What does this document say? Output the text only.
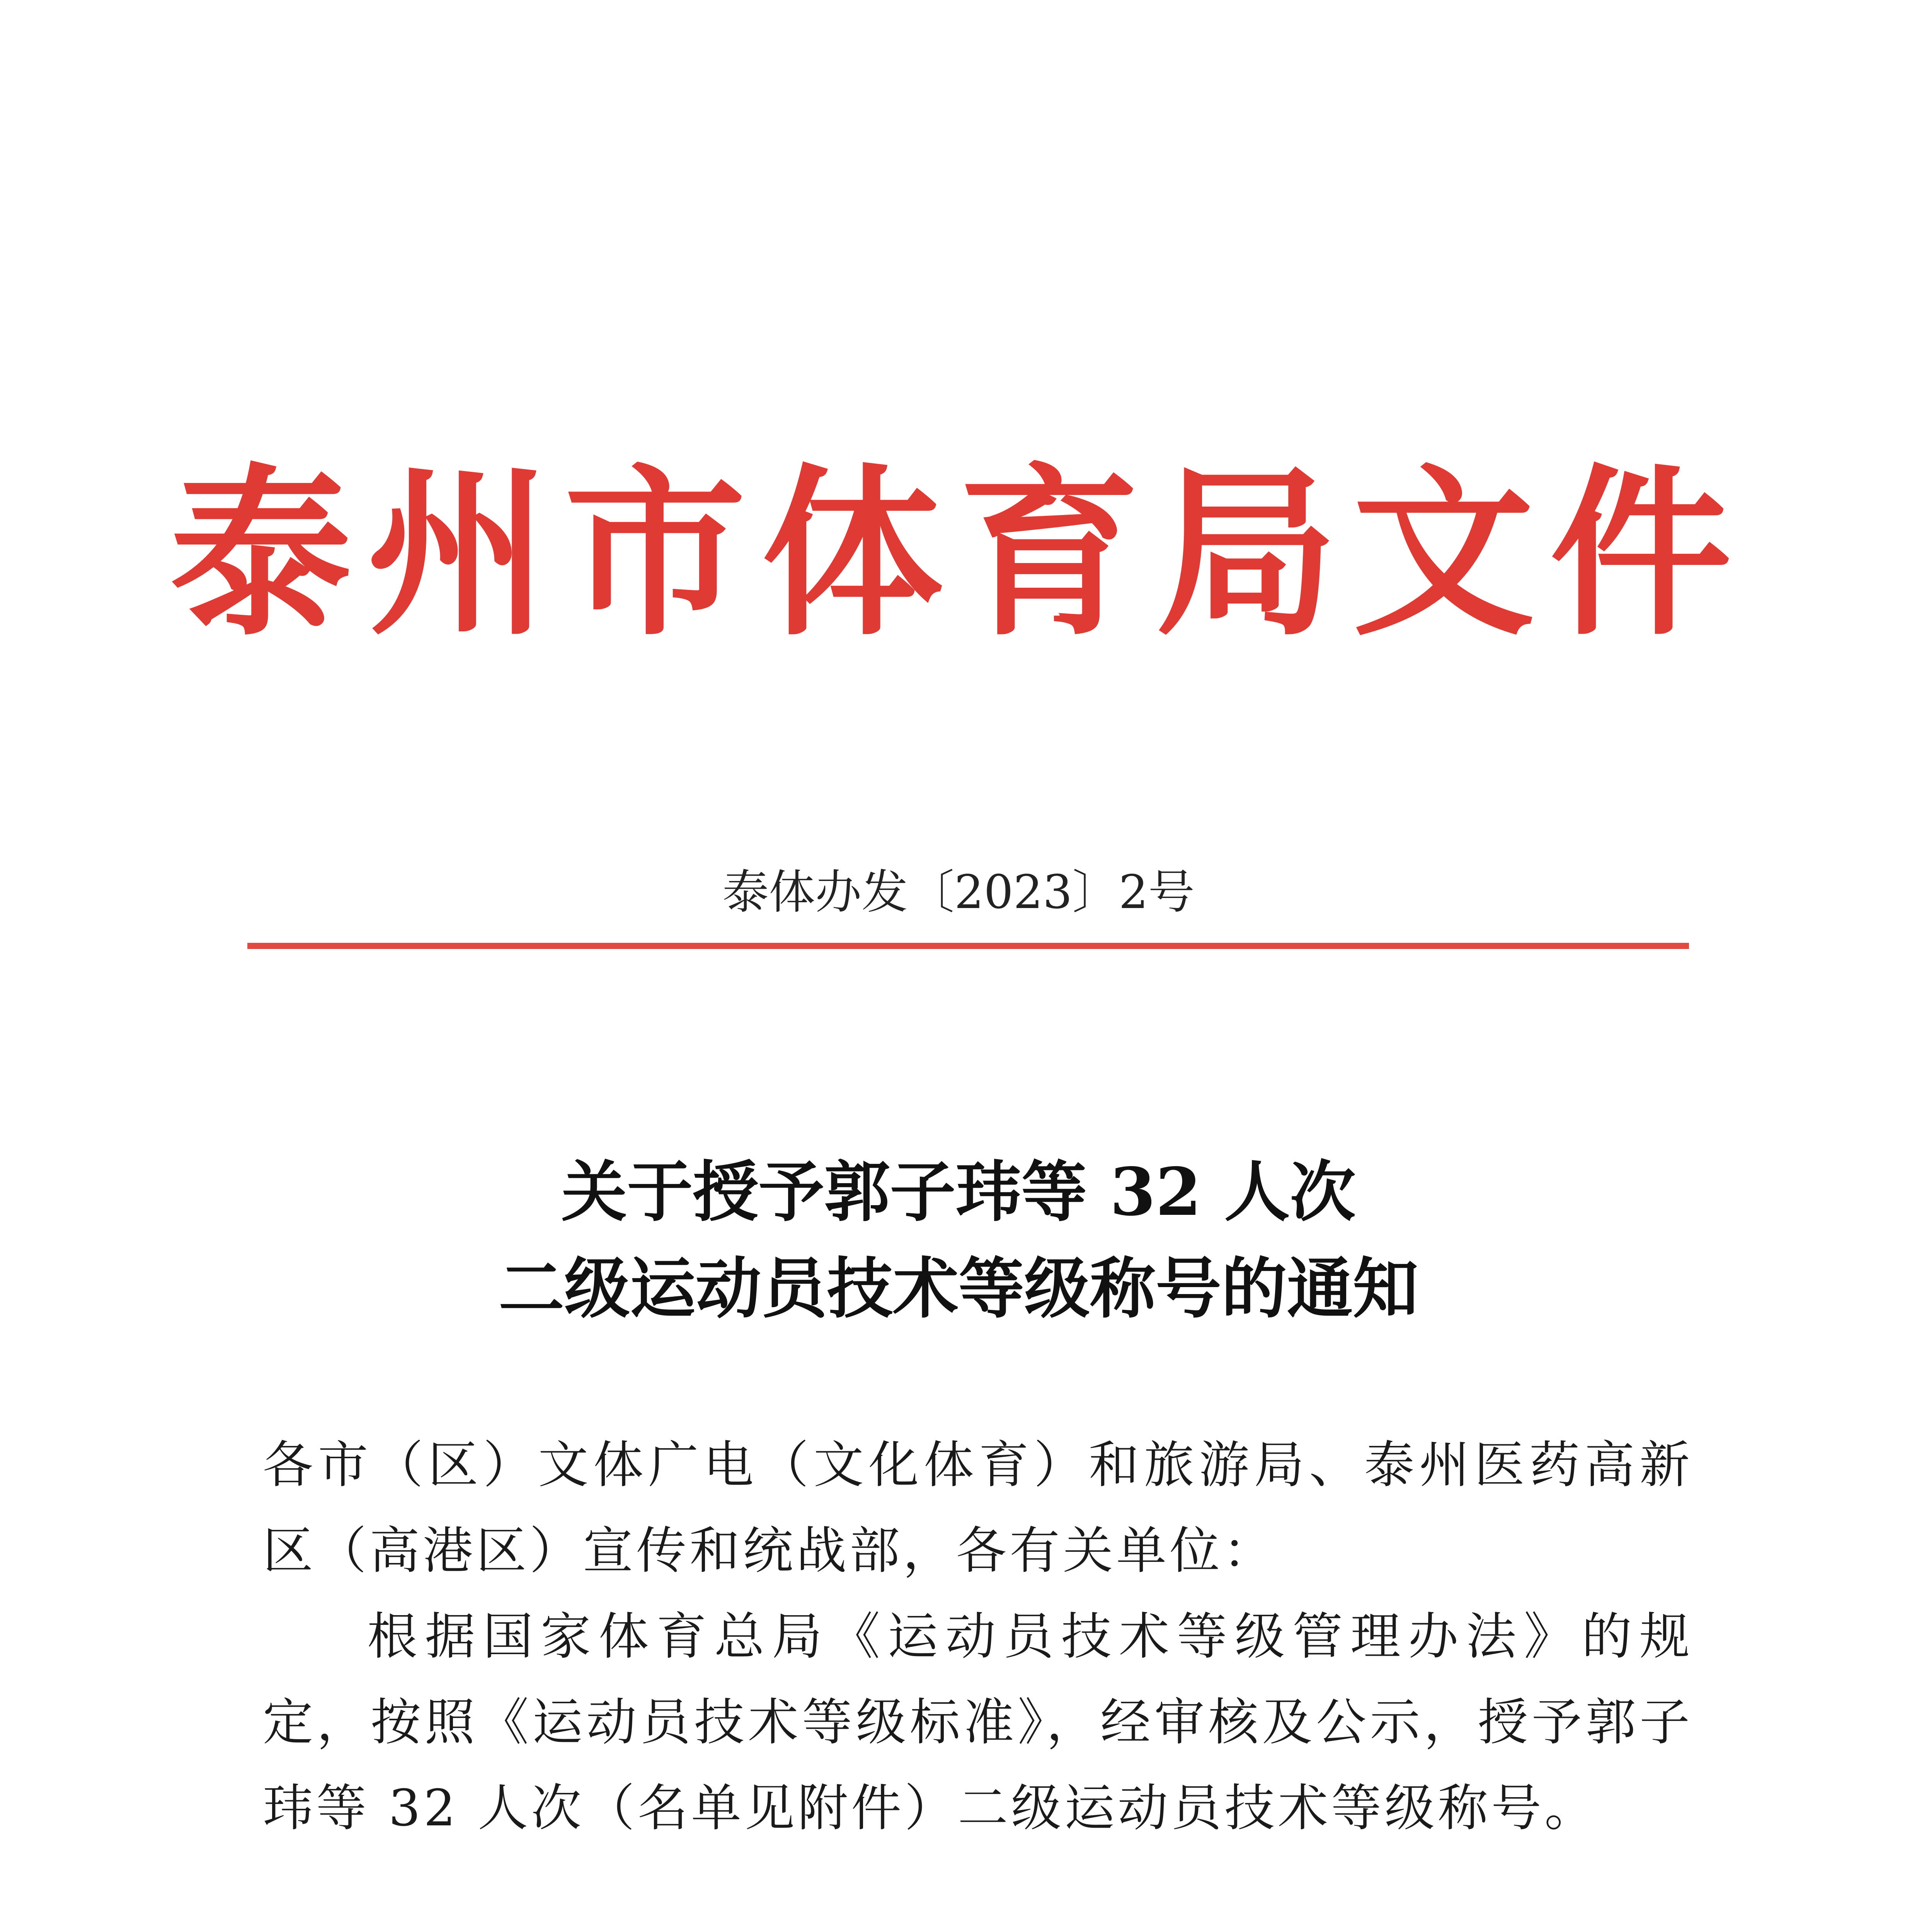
泰州市体育局文件
泰体办发〔2023〕2号
关于授予郭子玮等 32 人次
二级运动员技术等级称号的通知

各市（区）文体广电（文化体育）和旅游局、泰州医药高新区（高港区）宣传和统战部，各有关单位：

根据国家体育总局《运动员技术等级管理办法》的规定，按照《运动员技术等级标准》，经审核及公示，授予郭子玮等 32 人次（名单见附件）二级运动员技术等级称号。
